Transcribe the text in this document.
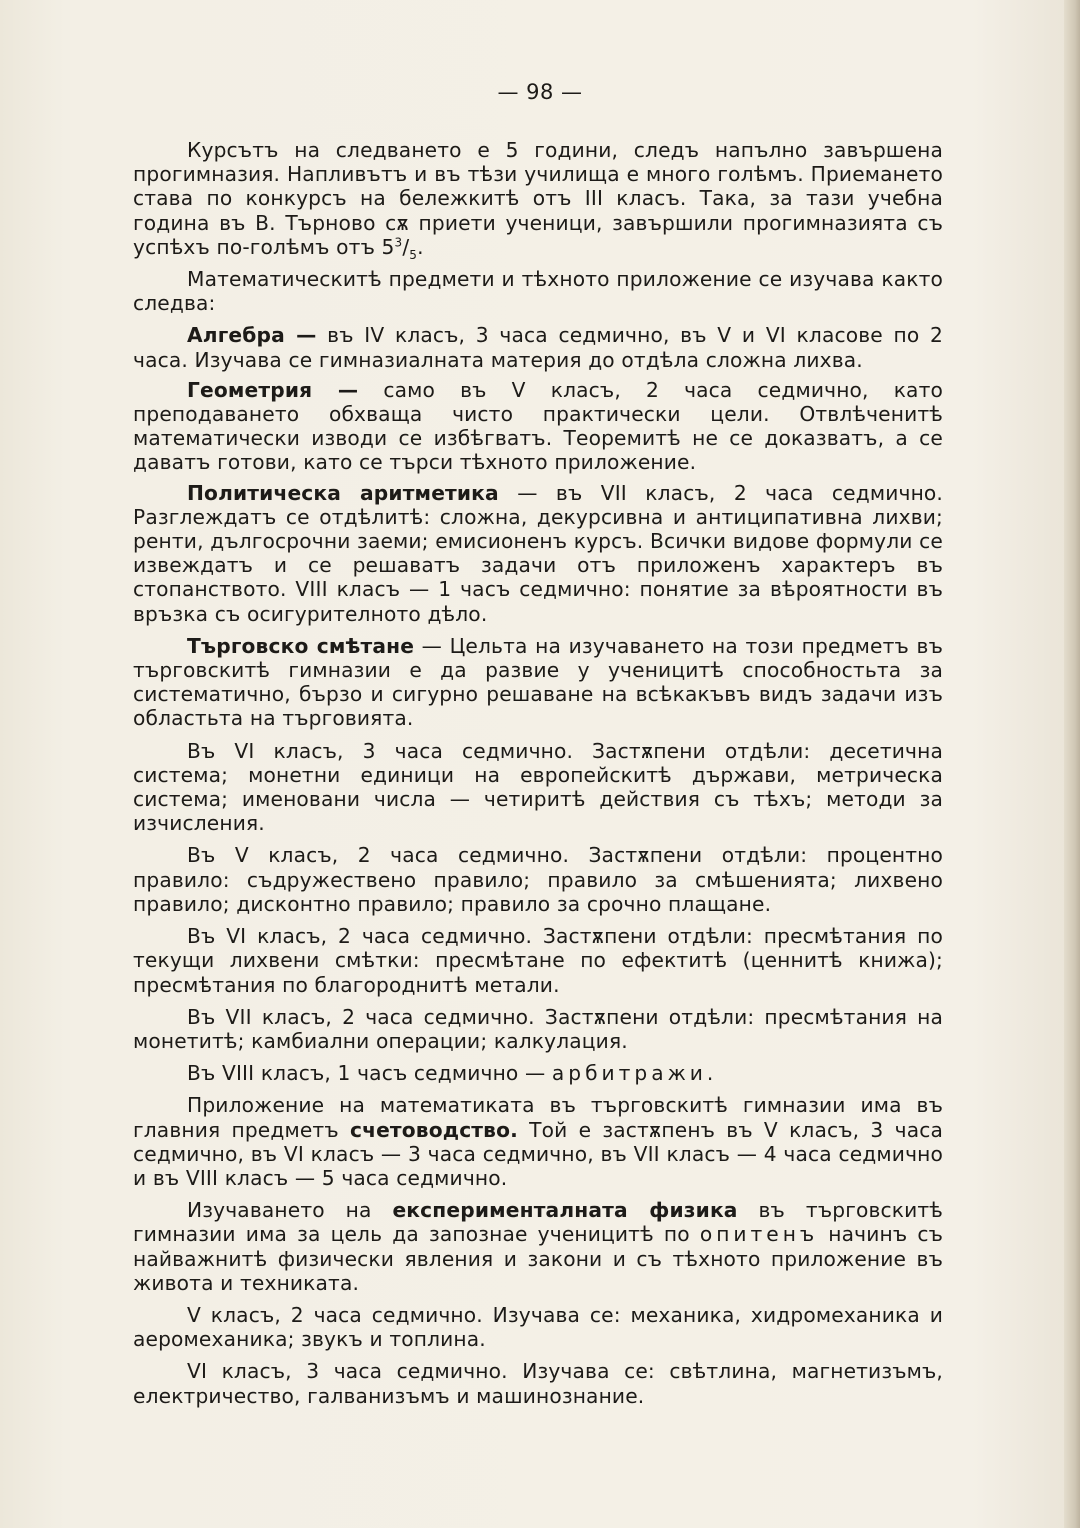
— 98 —

Курсътъ на следването е 5 години, следъ напълно завършена прогимназия. Напливътъ и въ тѣзи училища е много голѣмъ. Приемането става по конкурсъ на бележкитѣ отъ III класъ. Така, за тази учебна година въ В. Търново сѫ приети ученици, завършили прогимназията съ успѣхъ по-голѣмъ отъ $5^3/_5$.

Математическитѣ предмети и тѣхното приложение се изучава както следва:

Алгебра — въ IV класъ, 3 часа седмично, въ V и VI класове по 2 часа. Изучава се гимназиалната материя до отдѣла сложна лихва.

Геометрия — само въ V класъ, 2 часа седмично, като преподаването обхваща чисто практически цели. Отвлѣченитѣ математически изводи се избѣгватъ. Теоремитѣ не се доказватъ, а се даватъ готови, като се търси тѣхното приложение.

Политическа аритметика — въ VII класъ, 2 часа седмично. Разглеждатъ се отдѣлитѣ: сложна, декурсивна и антиципативна лихви; ренти, дългосрочни заеми; емисионенъ курсъ. Всички видове формули се извеждатъ и се решаватъ задачи отъ приложенъ характеръ въ стопанството. VIII класъ — 1 часъ седмично: понятие за вѣроятности въ връзка съ осигурителното дѣло.

Търговско смѣтане — Цельта на изучаването на този предметъ въ търговскитѣ гимназии е да развие у ученицитѣ способностьта за систематично, бързо и сигурно решаване на всѣкакъвъ видъ задачи изъ областьта на търговията.

Въ VI класъ, 3 часа седмично. Застѫпени отдѣли: десетична система; монетни единици на европейскитѣ държави, метрическа система; именовани числа — четиритѣ действия съ тѣхъ; методи за изчисления.

Въ V класъ, 2 часа седмично. Застѫпени отдѣли: процентно правило: съдружествено правило; правило за смѣшенията; лихвено правило; дисконтно правило; правило за срочно плащане.

Въ VI класъ, 2 часа седмично. Застѫпени отдѣли: пресмѣтания по текущи лихвени смѣтки: пресмѣтане по ефектитѣ (ценнитѣ книжа); пресмѣтания по благороднитѣ метали.

Въ VII класъ, 2 часа седмично. Застѫпени отдѣли: пресмѣтания на монетитѣ; камбиални операции; калкулация.

Въ VIII класъ, 1 часъ седмично — арбитражи.

Приложение на математиката въ търговскитѣ гимназии има въ главния предметъ счетоводство. Той е застѫпенъ въ V класъ, 3 часа седмично, въ VI класъ — 3 часа седмично, въ VII класъ — 4 часа седмично и въ VIII класъ — 5 часа седмично.

Изучаването на експерименталната физика въ търговскитѣ гимназии има за цель да запознае ученицитѣ по опитенъ начинъ съ найважнитѣ физически явления и закони и съ тѣхното приложение въ живота и техниката.

V класъ, 2 часа седмично. Изучава се: механика, хидромеханика и аеромеханика; звукъ и топлина.

VI класъ, 3 часа седмично. Изучава се: свѣтлина, магнетизъмъ, електричество, галванизъмъ и машинознание.
